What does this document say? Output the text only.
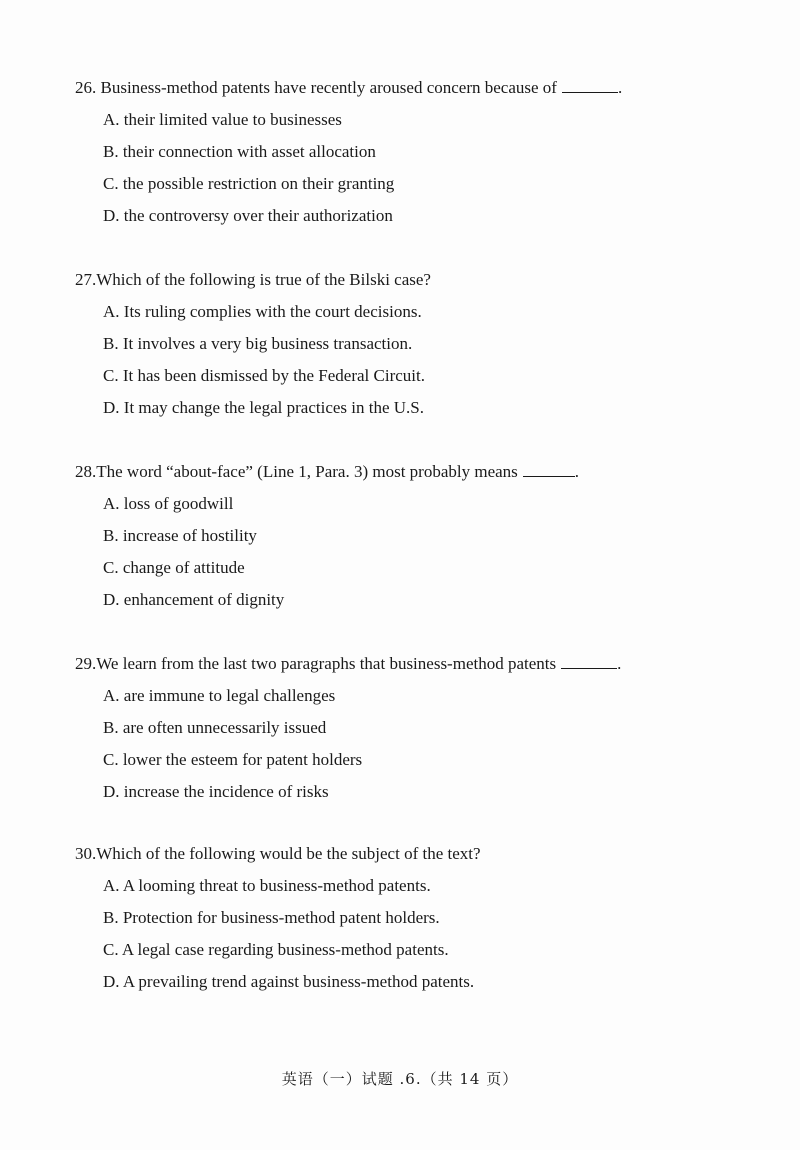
26. Business-method patents have recently aroused concern because of	.
A. their limited value to businesses
B. their connection with asset allocation
C. the possible restriction on their granting
D. the controversy over their authorization
27.Which of the following is true of the Bilski case?
A. Its ruling complies with the court decisions.
B. It involves a very big business transaction.
C. It has been dismissed by the Federal Circuit.
D. It may change the legal practices in the U.S.
28.The word “about-face” (Line 1, Para. 3) most probably means	.
A. loss of goodwill
B. increase of hostility
C. change of attitude
D. enhancement of dignity
29.We learn from the last two paragraphs that business-method patents	.
A. are immune to legal challenges
B. are often unnecessarily issued
C. lower the esteem for patent holders
D. increase the incidence of risks
30.Which of the following would be the subject of the text?
A. A looming threat to business-method patents.
B. Protection for business-method patent holders.
C. A legal case regarding business-method patents.
D. A prevailing trend against business-method patents.
英语（一）试题 .6.（共 14 页）
